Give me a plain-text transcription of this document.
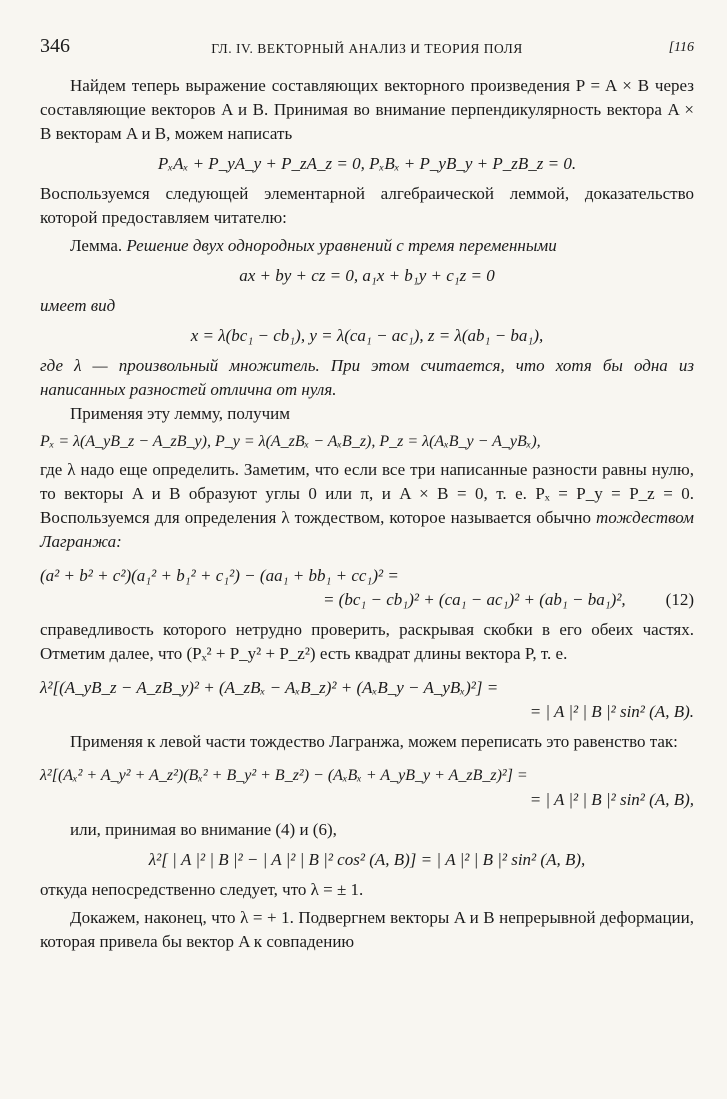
346	ГЛ. IV. ВЕКТОРНЫЙ АНАЛИЗ И ТЕОРИЯ ПОЛЯ	[116

Найдем теперь выражение составляющих векторного произведения P = A × B через составляющие векторов A и B. Принимая во внимание перпендикулярность вектора A × B векторам A и B, можем написать

PₓAₓ + P_yA_y + P_zA_z = 0, PₓBₓ + P_yB_y + P_zB_z = 0.

Воспользуемся следующей элементарной алгебраической леммой, доказательство которой предоставляем читателю:

Лемма. Решение двух однородных уравнений с тремя переменными

ax + by + cz = 0, a₁x + b₁y + c₁z = 0

имеет вид

x = λ(bc₁ − cb₁), y = λ(ca₁ − ac₁), z = λ(ab₁ − ba₁),

где λ — произвольный множитель. При этом считается, что хотя бы одна из написанных разностей отлична от нуля.

Применяя эту лемму, получим

Pₓ = λ(A_yB_z − A_zB_y), P_y = λ(A_zBₓ − AₓB_z), P_z = λ(AₓB_y − A_yBₓ),

где λ надо еще определить. Заметим, что если все три написанные разности равны нулю, то векторы A и B образуют углы 0 или π, и A × B = 0, т. е. Pₓ = P_y = P_z = 0. Воспользуемся для определения λ тождеством, которое называется обычно тождеством Лагранжа:

(a² + b² + c²)(a₁² + b₁² + c₁²) − (aa₁ + bb₁ + cc₁)² =
= (bc₁ − cb₁)² + (ca₁ − ac₁)² + (ab₁ − ba₁)², (12)

справедливость которого нетрудно проверить, раскрывая скобки в его обеих частях. Отметим далее, что (Pₓ² + P_y² + P_z²) есть квадрат длины вектора P, т. е.

λ²[(A_yB_z − A_zB_y)² + (A_zBₓ − AₓB_z)² + (AₓB_y − A_yBₓ)²] =
= | A |² | B |² sin² (A, B).

Применяя к левой части тождество Лагранжа, можем переписать это равенство так:

λ²[(Aₓ² + A_y² + A_z²)(Bₓ² + B_y² + B_z²) − (AₓBₓ + A_yB_y + A_zB_z)²] =
= | A |² | B |² sin² (A, B),

или, принимая во внимание (4) и (6),

λ²[ | A |² | B |² − | A |² | B |² cos² (A, B)] = | A |² | B |² sin² (A, B),

откуда непосредственно следует, что λ = ± 1.

Докажем, наконец, что λ = + 1. Подвергнем векторы A и B непрерывной деформации, которая привела бы вектор A к совпадению
